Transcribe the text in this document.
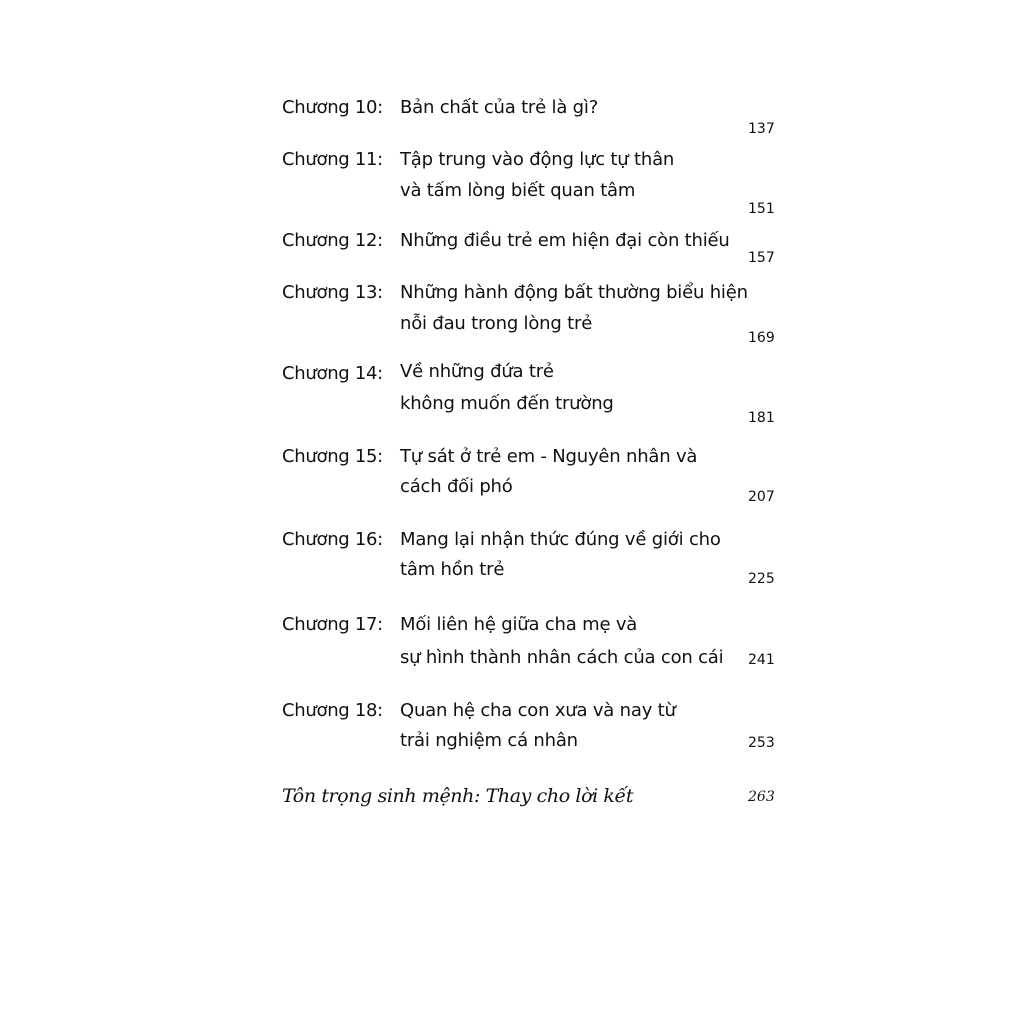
Chương 10: Bản chất của trẻ là gì?
137
Chương 11: Tập trung vào động lực tự thân
và tấm lòng biết quan tâm
151
Chương 12: Những điều trẻ em hiện đại còn thiếu
157
Chương 13: Những hành động bất thường biểu hiện
nỗi đau trong lòng trẻ
169
Chương 14: Về những đứa trẻ
không muốn đến trường
181
Chương 15: Tự sát ở trẻ em - Nguyên nhân và
cách đối phó	207
Chương 16: Mang lại nhận thức đúng về giới cho
tâm hồn trẻ	225
Chương 17: Mối liên hệ giữa cha mẹ và
sự hình thành nhân cách của con cái 241
Chương 18: Quan hệ cha con xưa và nay từ
trải nghiệm cá nhân	253
Tôn trọng sinh mệnh: Thay cho lời kết	263
